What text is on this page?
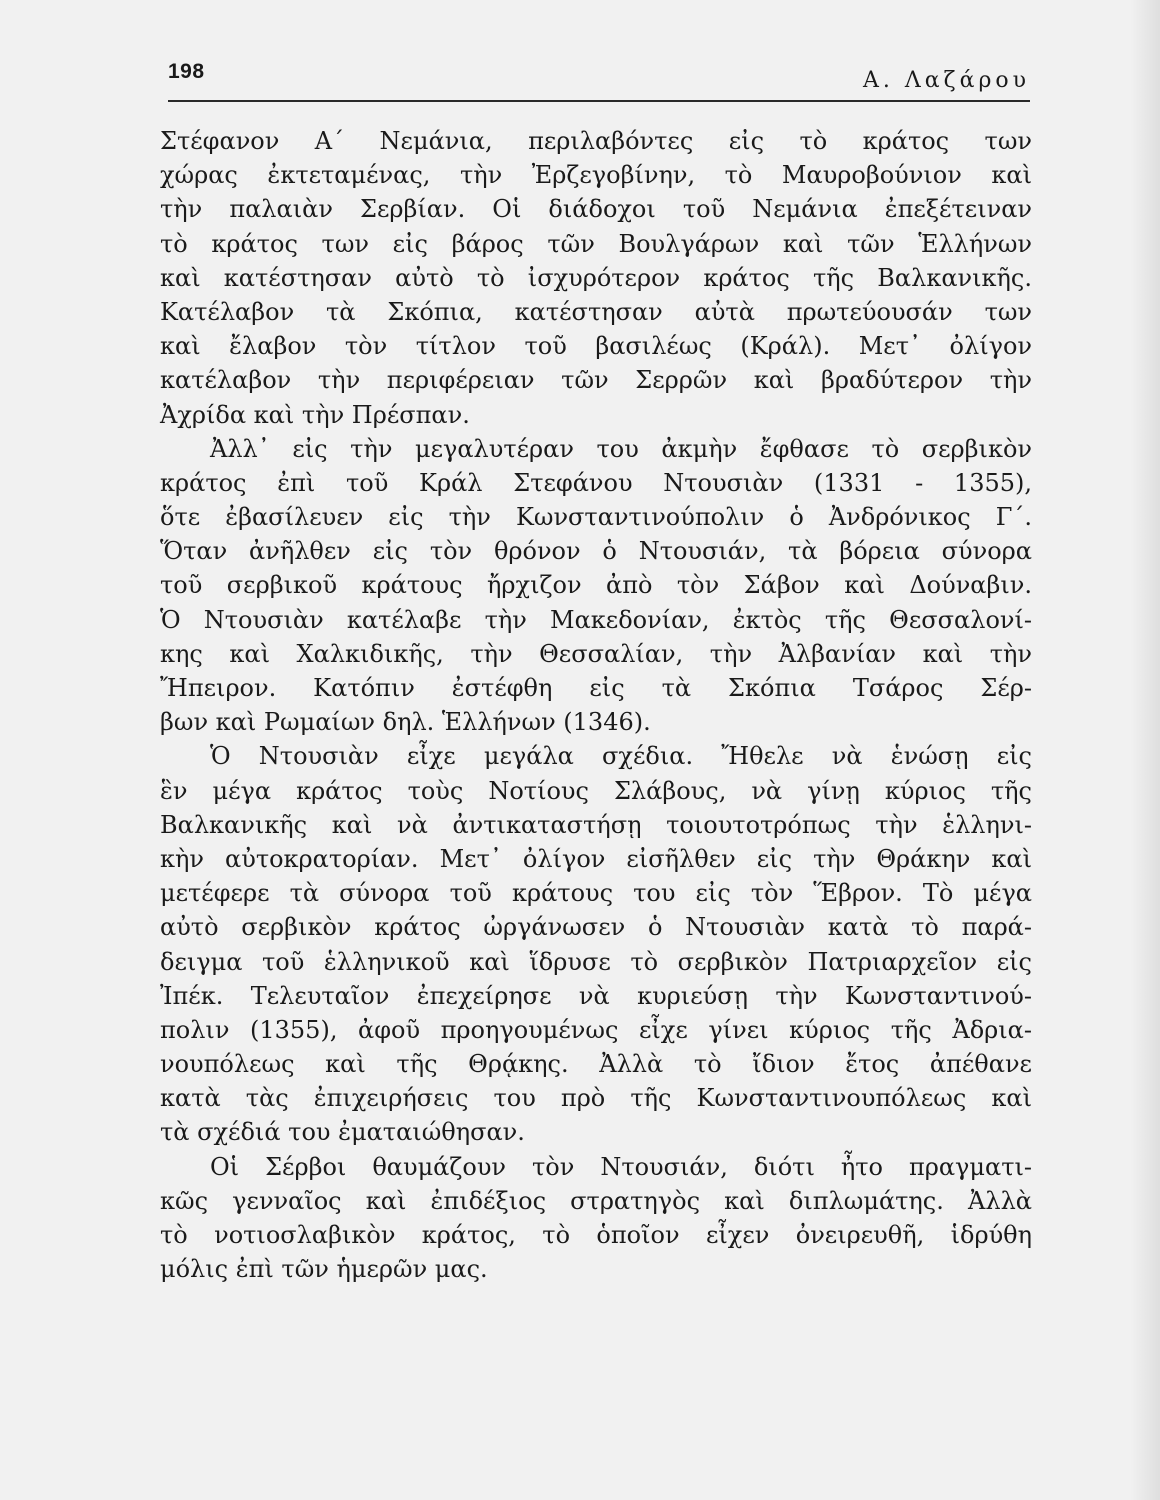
198	Α. Λαζάρου
Στέφανον Α΄ Νεμάνια, περιλαβόντες εἰς τὸ κράτος των
χώρας ἐκτεταμένας, τὴν Ἐρζεγοβίνην, τὸ Μαυροβούνιον καὶ
τὴν παλαιὰν Σερβίαν. Οἱ διάδοχοι τοῦ Νεμάνια ἐπεξέτειναν
τὸ κράτος των εἰς βάρος τῶν Βουλγάρων καὶ τῶν Ἑλλήνων
καὶ κατέστησαν αὐτὸ τὸ ἰσχυρότερον κράτος τῆς Βαλκανικῆς.
Κατέλαβον τὰ Σκόπια, κατέστησαν αὐτὰ πρωτεύουσάν των
καὶ ἔλαβον τὸν τίτλον τοῦ βασιλέως (Κράλ). Μετ᾽ ὀλίγον
κατέλαβον τὴν περιφέρειαν τῶν Σερρῶν καὶ βραδύτερον τὴν
Ἀχρίδα καὶ τὴν Πρέσπαν.
Ἀλλ᾽ εἰς τὴν μεγαλυτέραν του ἀκμὴν ἔφθασε τὸ σερβικὸν
κράτος ἐπὶ τοῦ Κράλ Στεφάνου Ντουσιὰν (1331 - 1355),
ὅτε ἐβασίλευεν εἰς τὴν Κωνσταντινούπολιν ὁ Ἀνδρόνικος Γ΄.
Ὅταν ἀνῆλθεν εἰς τὸν θρόνον ὁ Ντουσιάν, τὰ βόρεια σύνορα
τοῦ σερβικοῦ κράτους ἤρχιζον ἀπὸ τὸν Σάβον καὶ Δούναβιν.
Ὁ Ντουσιὰν κατέλαβε τὴν Μακεδονίαν, ἐκτὸς τῆς Θεσσαλονί-
κης καὶ Χαλκιδικῆς, τὴν Θεσσαλίαν, τὴν Ἀλβανίαν καὶ τὴν
Ἤπειρον. Κατόπιν ἐστέφθη εἰς τὰ Σκόπια Τσάρος Σέρ-
βων καὶ Ρωμαίων δηλ. Ἑλλήνων (1346).
Ὁ Ντουσιὰν εἶχε μεγάλα σχέδια. Ἤθελε νὰ ἑνώσῃ εἰς
ἓν μέγα κράτος τοὺς Νοτίους Σλάβους, νὰ γίνῃ κύριος τῆς
Βαλκανικῆς καὶ νὰ ἀντικαταστήσῃ τοιουτοτρόπως τὴν ἑλληνι-
κὴν αὐτοκρατορίαν. Μετ᾽ ὀλίγον εἰσῆλθεν εἰς τὴν Θράκην καὶ
μετέφερε τὰ σύνορα τοῦ κράτους του εἰς τὸν Ἕβρον. Τὸ μέγα
αὐτὸ σερβικὸν κράτος ὠργάνωσεν ὁ Ντουσιὰν κατὰ τὸ παρά-
δειγμα τοῦ ἑλληνικοῦ καὶ ἵδρυσε τὸ σερβικὸν Πατριαρχεῖον εἰς
Ἰπέκ. Τελευταῖον ἐπεχείρησε νὰ κυριεύσῃ τὴν Κωνσταντινού-
πολιν (1355), ἀφοῦ προηγουμένως εἶχε γίνει κύριος τῆς Ἀδρια-
νουπόλεως καὶ τῆς Θρᾴκης. Ἀλλὰ τὸ ἴδιον ἔτος ἀπέθανε
κατὰ τὰς ἐπιχειρήσεις του πρὸ τῆς Κωνσταντινουπόλεως καὶ
τὰ σχέδιά του ἐματαιώθησαν.
Οἱ Σέρβοι θαυμάζουν τὸν Ντουσιάν, διότι ἦτο πραγματι-
κῶς γενναῖος καὶ ἐπιδέξιος στρατηγὸς καὶ διπλωμάτης. Ἀλλὰ
τὸ νοτιοσλαβικὸν κράτος, τὸ ὁποῖον εἶχεν ὀνειρευθῆ, ἱδρύθη
μόλις ἐπὶ τῶν ἡμερῶν μας.
